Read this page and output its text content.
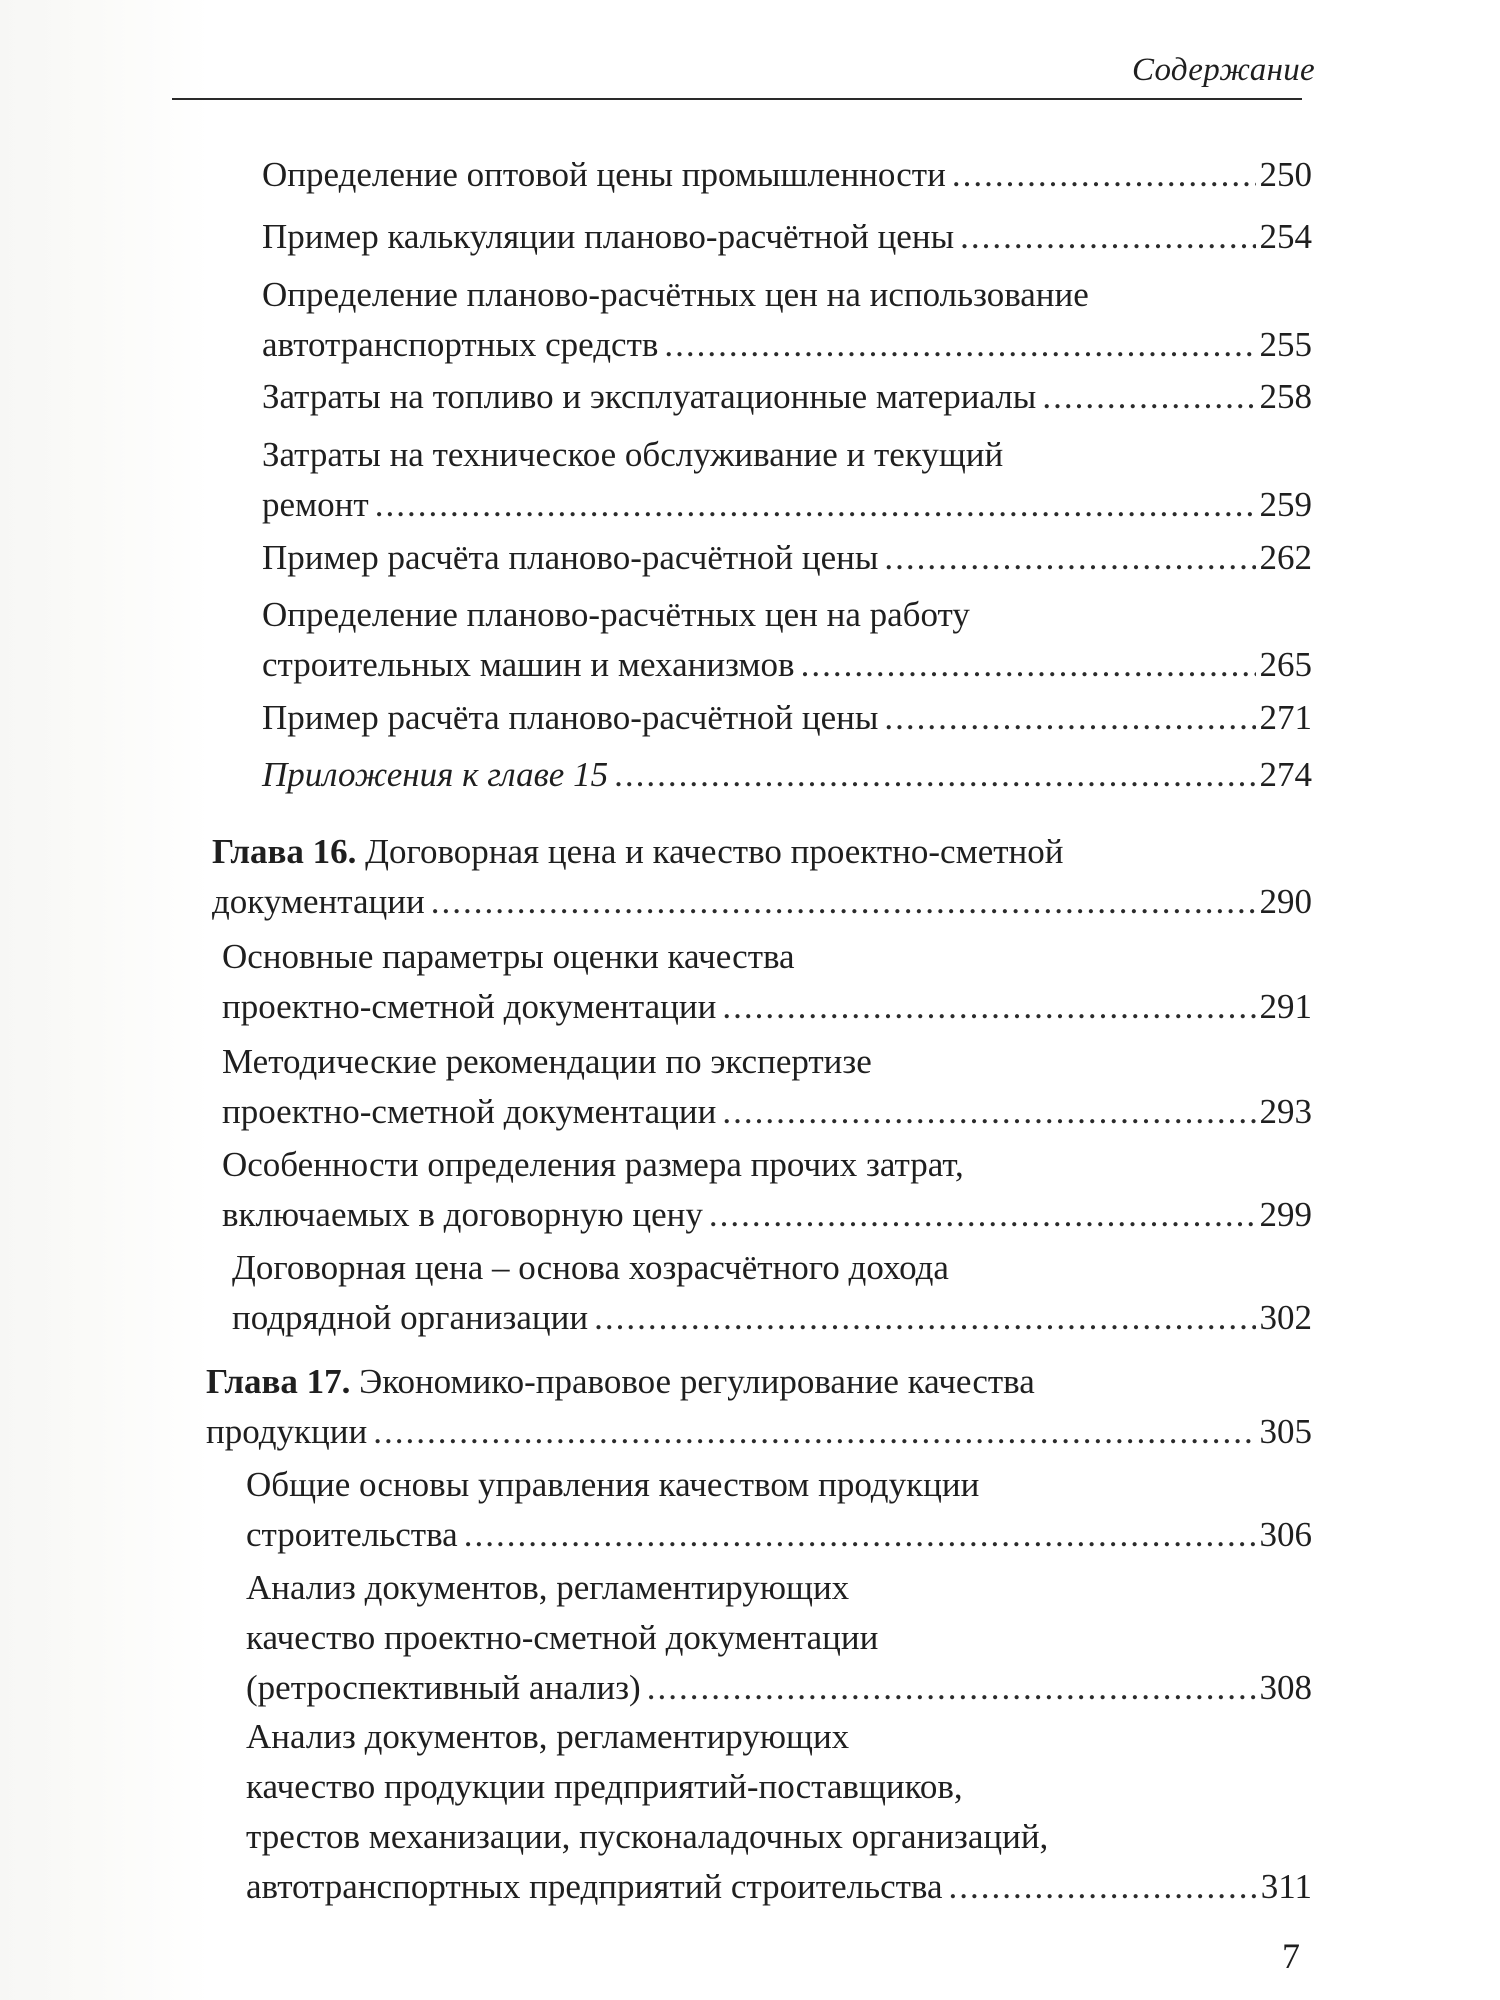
Содержание
Определение оптовой цены промышленности .....	250
Пример калькуляции планово-расчётной цены .....	254
Определение планово-расчётных цен на использование
автотранспортных средств .....	255
Затраты на топливо и эксплуатационные материалы .....	258
Затраты на техническое обслуживание и текущий
ремонт .....	259
Пример расчёта планово-расчётной цены .....	262
Определение планово-расчётных цен на работу
строительных машин и механизмов .....	265
Пример расчёта планово-расчётной цены .....	271
Приложения к главе 15 .....	274
Глава 16. Договорная цена и качество проектно-сметной
документации .....	290
Основные параметры оценки качества
проектно-сметной документации .....	291
Методические рекомендации по экспертизе
проектно-сметной документации .....	293
Особенности определения размера прочих затрат,
включаемых в договорную цену .....	299
Договорная цена – основа хозрасчётного дохода
подрядной организации .....	302
Глава 17. Экономико-правовое регулирование качества
продукции .....	305
Общие основы управления качеством продукции
строительства .....	306
Анализ документов, регламентирующих
качество проектно-сметной документации
(ретроспективный анализ) .....	308
Анализ документов, регламентирующих
качество продукции предприятий-поставщиков,
трестов механизации, пусконаладочных организаций,
автотранспортных предприятий строительства .....	311
7
